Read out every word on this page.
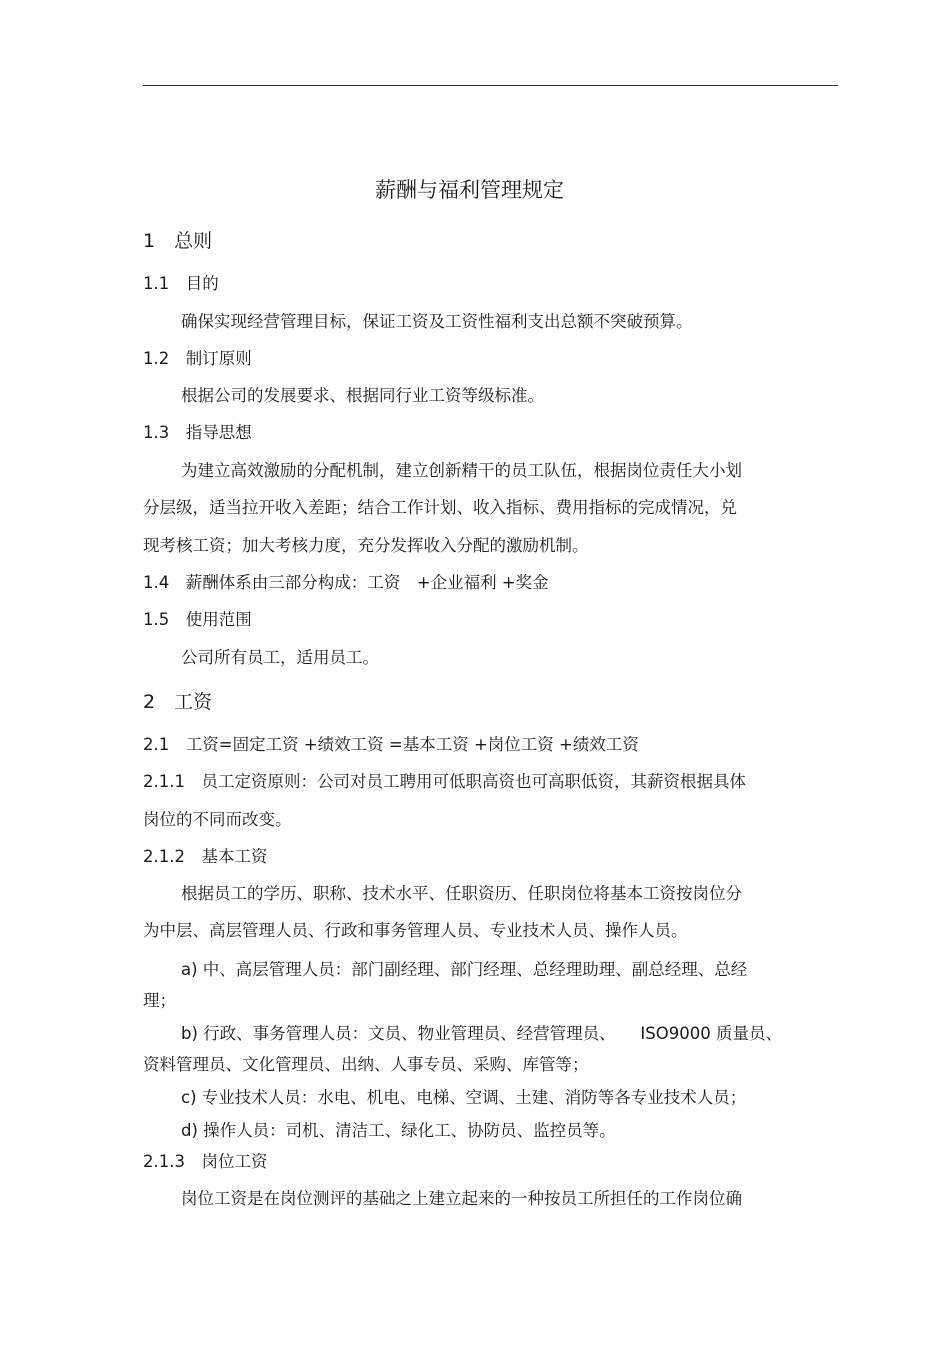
薪酬与福利管理规定
1　总则
1.1　目的
确保实现经营管理目标，保证工资及工资性福利支出总额不突破预算。
1.2　制订原则
根据公司的发展要求、根据同行业工资等级标准。
1.3　指导思想
为建立高效激励的分配机制，建立创新精干的员工队伍，根据岗位责任大小划
分层级，适当拉开收入差距；结合工作计划、收入指标、费用指标的完成情况，兑
现考核工资；加大考核力度，充分发挥收入分配的激励机制。
1.4　薪酬体系由三部分构成：工资　+企业福利 +奖金
1.5　使用范围
公司所有员工，适用员工。
2　工资
2.1　工资=固定工资 +绩效工资 =基本工资 +岗位工资 +绩效工资
2.1.1　员工定资原则：公司对员工聘用可低职高资也可高职低资，其薪资根据具体
岗位的不同而改变。
2.1.2　基本工资
根据员工的学历、职称、技术水平、任职资历、任职岗位将基本工资按岗位分
为中层、高层管理人员、行政和事务管理人员、专业技术人员、操作人员。
a) 中、高层管理人员：部门副经理、部门经理、总经理助理、副总经理、总经
理；
b) 行政、事务管理人员：文员、物业管理员、经营管理员、　　ISO9000 质量员、
资料管理员、文化管理员、出纳、人事专员、采购、库管等；
c) 专业技术人员：水电、机电、电梯、空调、土建、消防等各专业技术人员；
d) 操作人员：司机、清洁工、绿化工、协防员、监控员等。
2.1.3　岗位工资
岗位工资是在岗位测评的基础之上建立起来的一种按员工所担任的工作岗位确
